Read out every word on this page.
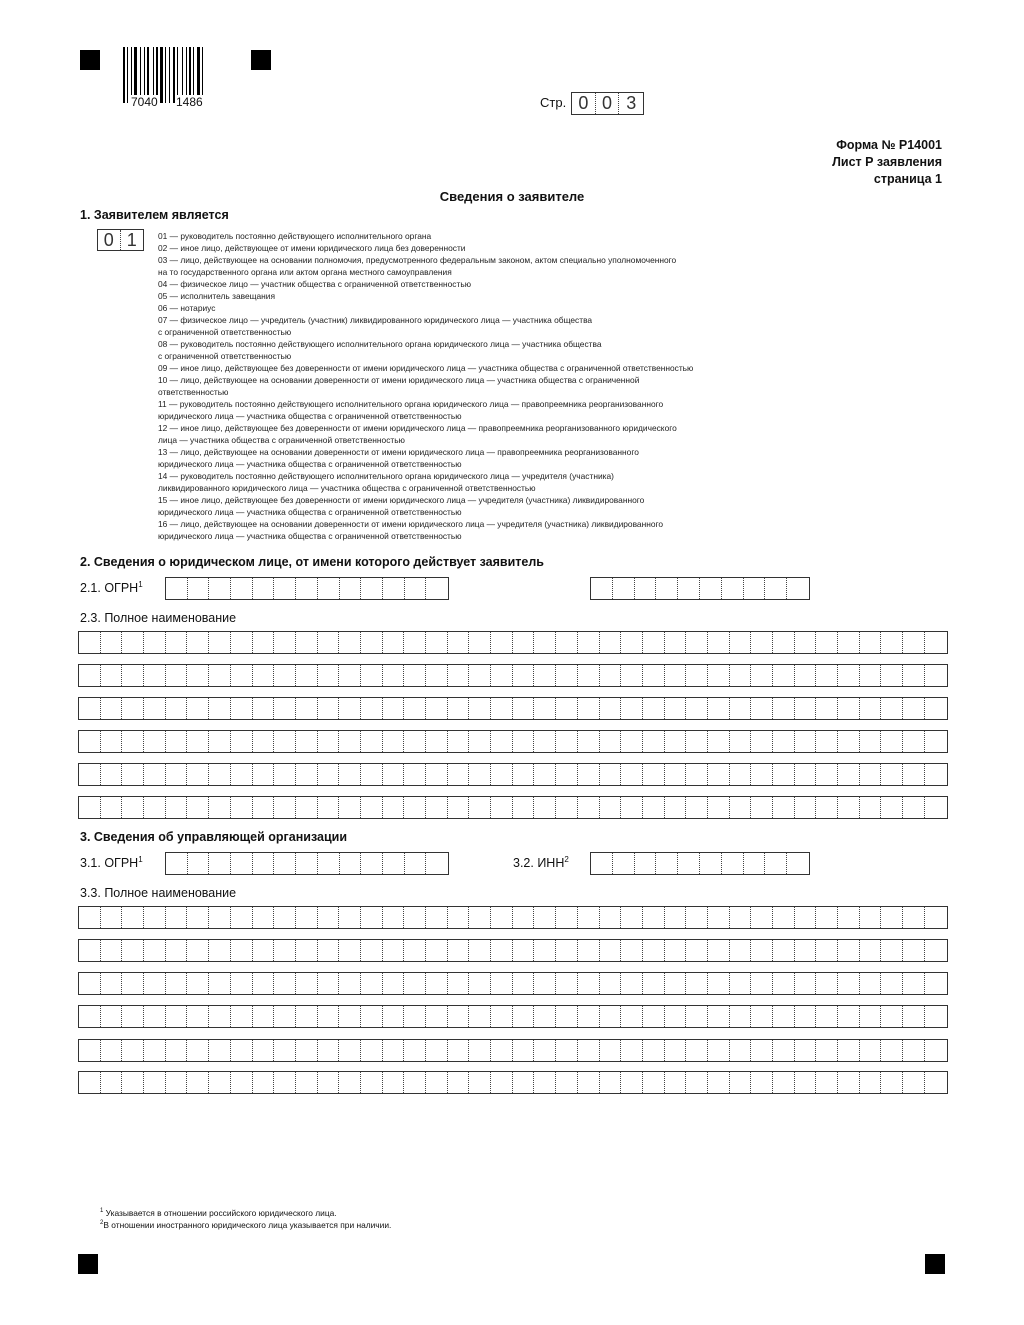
7040 1486	Стр. 0 0 3
Форма № Р14001
Лист Р заявления
страница 1
Сведения о заявителе
1. Заявителем является
0 1	01 — руководитель постоянно действующего исполнительного органа
02 — иное лицо, действующее от имени юридического лица без доверенности
03 — лицо, действующее на основании полномочия, предусмотренного федеральным законом, актом специально уполномоченного
на то государственного органа или актом органа местного самоуправления
04 — физическое лицо — участник общества с ограниченной ответственностью
05 — исполнитель завещания
06 — нотариус
07 — физическое лицо — учредитель (участник) ликвидированного юридического лица — участника общества
с ограниченной ответственностью
08 — руководитель постоянно действующего исполнительного органа юридического лица — участника общества
с ограниченной ответственностью
09 — иное лицо, действующее без доверенности от имени юридического лица — участника общества с ограниченной ответственностью
10 — лицо, действующее на основании доверенности от имени юридического лица — участника общества с ограниченной
ответственностью
11 — руководитель постоянно действующего исполнительного органа юридического лица — правопреемника реорганизованного
юридического лица — участника общества с ограниченной ответственностью
12 — иное лицо, действующее без доверенности от имени юридического лица — правопреемника реорганизованного юридического
лица — участника общества с ограниченной ответственностью
13 — лицо, действующее на основании доверенности от имени юридического лица — правопреемника реорганизованного
юридического лица — участника общества с ограниченной ответственностью
14 — руководитель постоянно действующего исполнительного органа юридического лица — учредителя (участника)
ликвидированного юридического лица — участника общества с ограниченной ответственностью
15 — иное лицо, действующее без доверенности от имени юридического лица — учредителя (участника) ликвидированного
юридического лица — участника общества с ограниченной ответственностью
16 — лицо, действующее на основании доверенности от имени юридического лица — учредителя (участника) ликвидированного
юридического лица — участника общества с ограниченной ответственностью
2. Сведения о юридическом лице, от имени которого действует заявитель
2.1. ОГРН$^1$
2.3. Полное наименование
3. Сведения об управляющей организации
3.1. ОГРН$^1$	3.2. ИНН$^2$
3.3. Полное наименование
$^1$ Указывается в отношении российского юридического лица.
$^2$В отношении иностранного юридического лица указывается при наличии.
